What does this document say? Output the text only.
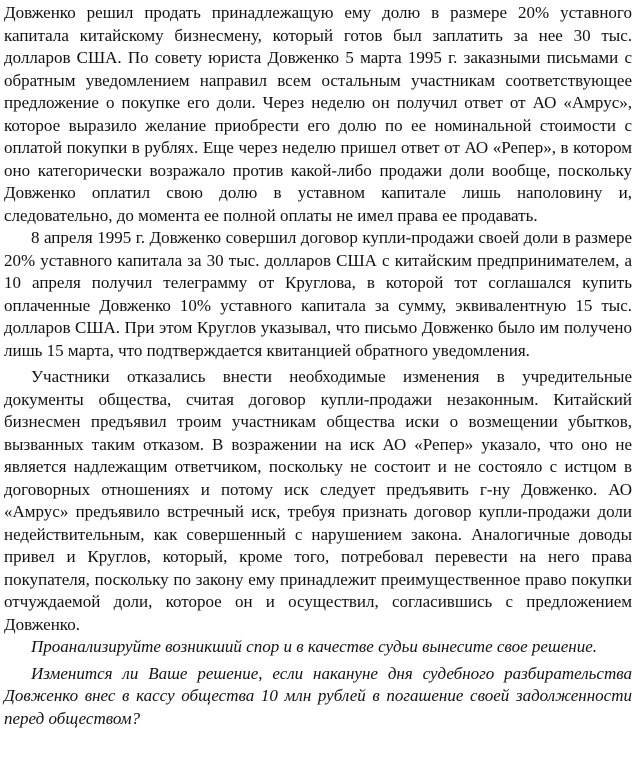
Довженко решил продать принадлежащую ему долю в размере 20% уставного капитала китайскому бизнесмену, который готов был заплатить за нее 30 тыс. долларов США. По совету юриста Довженко 5 марта 1995 г. заказными письмами с обратным уведомлением направил всем остальным участникам соответствующее предложение о покупке его доли. Через неделю он получил ответ от АО «Амрус», которое выразило желание приобрести его долю по ее номинальной стоимости с оплатой покупки в рублях. Еще через неделю пришел ответ от АО «Репер», в котором оно категорически возражало против какой-либо продажи доли вообще, поскольку Довженко оплатил свою долю в уставном капитале лишь наполовину и, следовательно, до момента ее полной оплаты не имел права ее продавать.

8 апреля 1995 г. Довженко совершил договор купли-продажи своей доли в размере 20% уставного капитала за 30 тыс. долларов США с китайским предпринимателем, а 10 апреля получил телеграмму от Круглова, в которой тот соглашался купить оплаченные Довженко 10% уставного капитала за сумму, эквивалентную 15 тыс. долларов США. При этом Круглов указывал, что письмо Довженко было им получено лишь 15 марта, что подтверждается квитанцией обратного уведомления.

Участники отказались внести необходимые изменения в учредительные документы общества, считая договор купли-продажи незаконным. Китайский бизнесмен предъявил троим участникам общества иски о возмещении убытков, вызванных таким отказом. В возражении на иск АО «Репер» указало, что оно не является надлежащим ответчиком, поскольку не состоит и не состояло с истцом в договорных отношениях и потому иск следует предъявить г-ну Довженко. АО «Амрус» предъявило встречный иск, требуя признать договор купли-продажи доли недействительным, как совершенный с нарушением закона. Аналогичные доводы привел и Круглов, который, кроме того, потребовал перевести на него права покупателя, поскольку по закону ему принадлежит преимущественное право покупки отчуждаемой доли, которое он и осуществил, согласившись с предложением Довженко.

Проанализируйте возникший спор и в качестве судьи вынесите свое решение.

Изменится ли Ваше решение, если накануне дня судебного разбирательства Довженко внес в кассу общества 10 млн рублей в погашение своей задолженности перед обществом?
